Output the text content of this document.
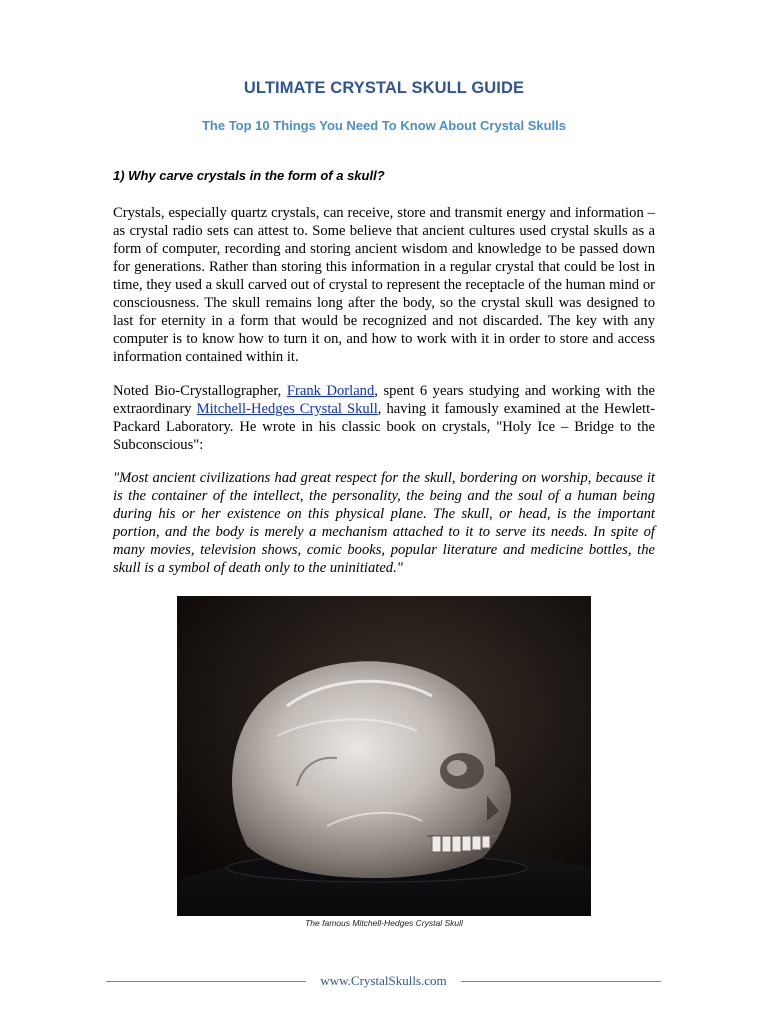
ULTIMATE CRYSTAL SKULL GUIDE
The Top 10 Things You Need To Know About Crystal Skulls
1) Why carve crystals in the form of a skull?

Crystals, especially quartz crystals, can receive, store and transmit energy and information – as crystal radio sets can attest to. Some believe that ancient cultures used crystal skulls as a form of computer, recording and storing ancient wisdom and knowledge to be passed down for generations. Rather than storing this information in a regular crystal that could be lost in time, they used a skull carved out of crystal to represent the receptacle of the human mind or consciousness. The skull remains long after the body, so the crystal skull was designed to last for eternity in a form that would be recognized and not discarded. The key with any computer is to know how to turn it on, and how to work with it in order to store and access information contained within it.

Noted Bio-Crystallographer, Frank Dorland, spent 6 years studying and working with the extraordinary Mitchell-Hedges Crystal Skull, having it famously examined at the Hewlett-Packard Laboratory. He wrote in his classic book on crystals, "Holy Ice – Bridge to the Subconscious":

"Most ancient civilizations had great respect for the skull, bordering on worship, because it is the container of the intellect, the personality, the being and the soul of a human being during his or her existence on this physical plane. The skull, or head, is the important portion, and the body is merely a mechanism attached to it to serve its needs. In spite of many movies, television shows, comic books, popular literature and medicine bottles, the skull is a symbol of death only to the uninitiated."

The famous Mitchell-Hedges Crystal Skull
www.CrystalSkulls.com
